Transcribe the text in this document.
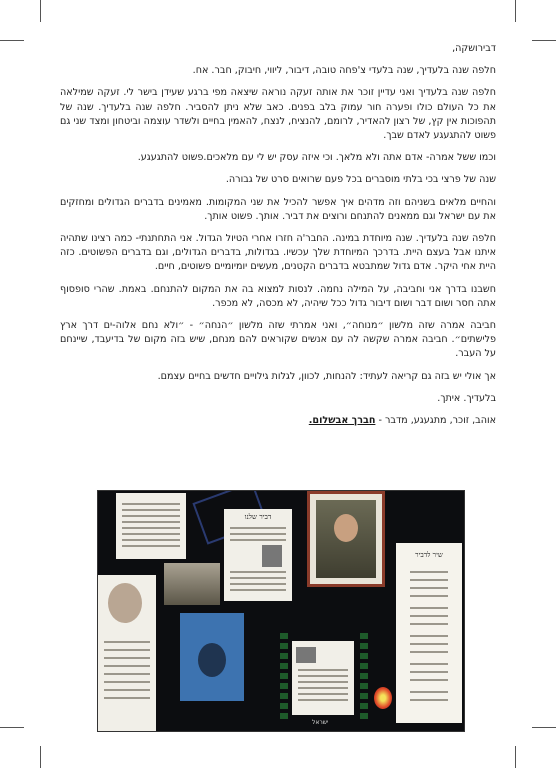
דבירושקה,

חלפה שנה בלעדיך, שנה בלעדי צ'פחה טובה, דיבור, ליווי, חיבוק, חבר. אח.

חלפה שנה בלעדיך ואני עדיין זוכר את אותה זעקה נוראה שיצאה מפי ברגע שעידן בישר לי. זעקה שמילאה את כל העולם כולו ופערה חור עמוק בלב בפנים. כאב שלא ניתן להסביר. חלפה שנה בלעדיך. שנה של תהפוכות אין קץ, של רצון להאדיר, לרומם, להנציח, לנצח, להאמין בחיים ולשדר עוצמה וביטחון ומצד שני גם פשוט להתגעגע לאדם שבך.

וכמו ששל אמרה- אדם אתה ולא מלאך. וכי איזה עסק יש לי עם מלאכים.פשוט להתגעגע.

שנה של פרצי בכי בלתי מוסברים בכל פעם שרואים סרט של גבורה.

והחיים מלאים בשניהם וזה מדהים איך אפשר להכיל את שני המקומות. מאמינים בדברים הגדולים ומחזקים את עם ישראל וגם ממאנים להתנחם ורוצים את דביר. אותך. פשוט אותך.

חלפה שנה בלעדיך. שנה מיוחדת במינה. החבר'ה חזרו אחרי הטיול הגדול. אני התחתנתי- כמה רצינו שתהיה איתנו אבל בעצם היית. בדרכך המיוחדת שלך עכשיו. בגדולות, בדברים הגדולים, וגם בדברים הפשוטים. כזה היית אחי היקר. אדם גדול שמתבטא בדברים הקטנים, מעשים יומיומיים פשוטים, חיים.

חשבנו בדרך אני וחביבה, על המילה נחמה. לנסות למצוא בה את המקום להתנחם. באמת. שהרי סופסוף אתה חסר ושום דבר ושום דיבור גדול ככל שיהיה, לא מכסה, לא מכפר.

חביבה אמרה שזה מלשון ״מנוחה״, ואני אמרתי שזה מלשון ״הנחה״ - ״ולא נחם אלוה-ים דרך ארץ פלישתים״. חביבה אמרה שקשה לה עם אנשים שקוראים להם מנחם, שיש בזה מקום של בדיעבד, שיינחם על העבר.

אך אולי יש בזה גם קריאה לעתיד: להנחות, לכוון, לגלות גילויים חדשים בחיים עצמם.

בלעדיך. איתך.

אוהב, זוכר, מתגעגע, מדבר - חברך אבשלום.

דביר שלנו
שיר לדביר
ישראל
